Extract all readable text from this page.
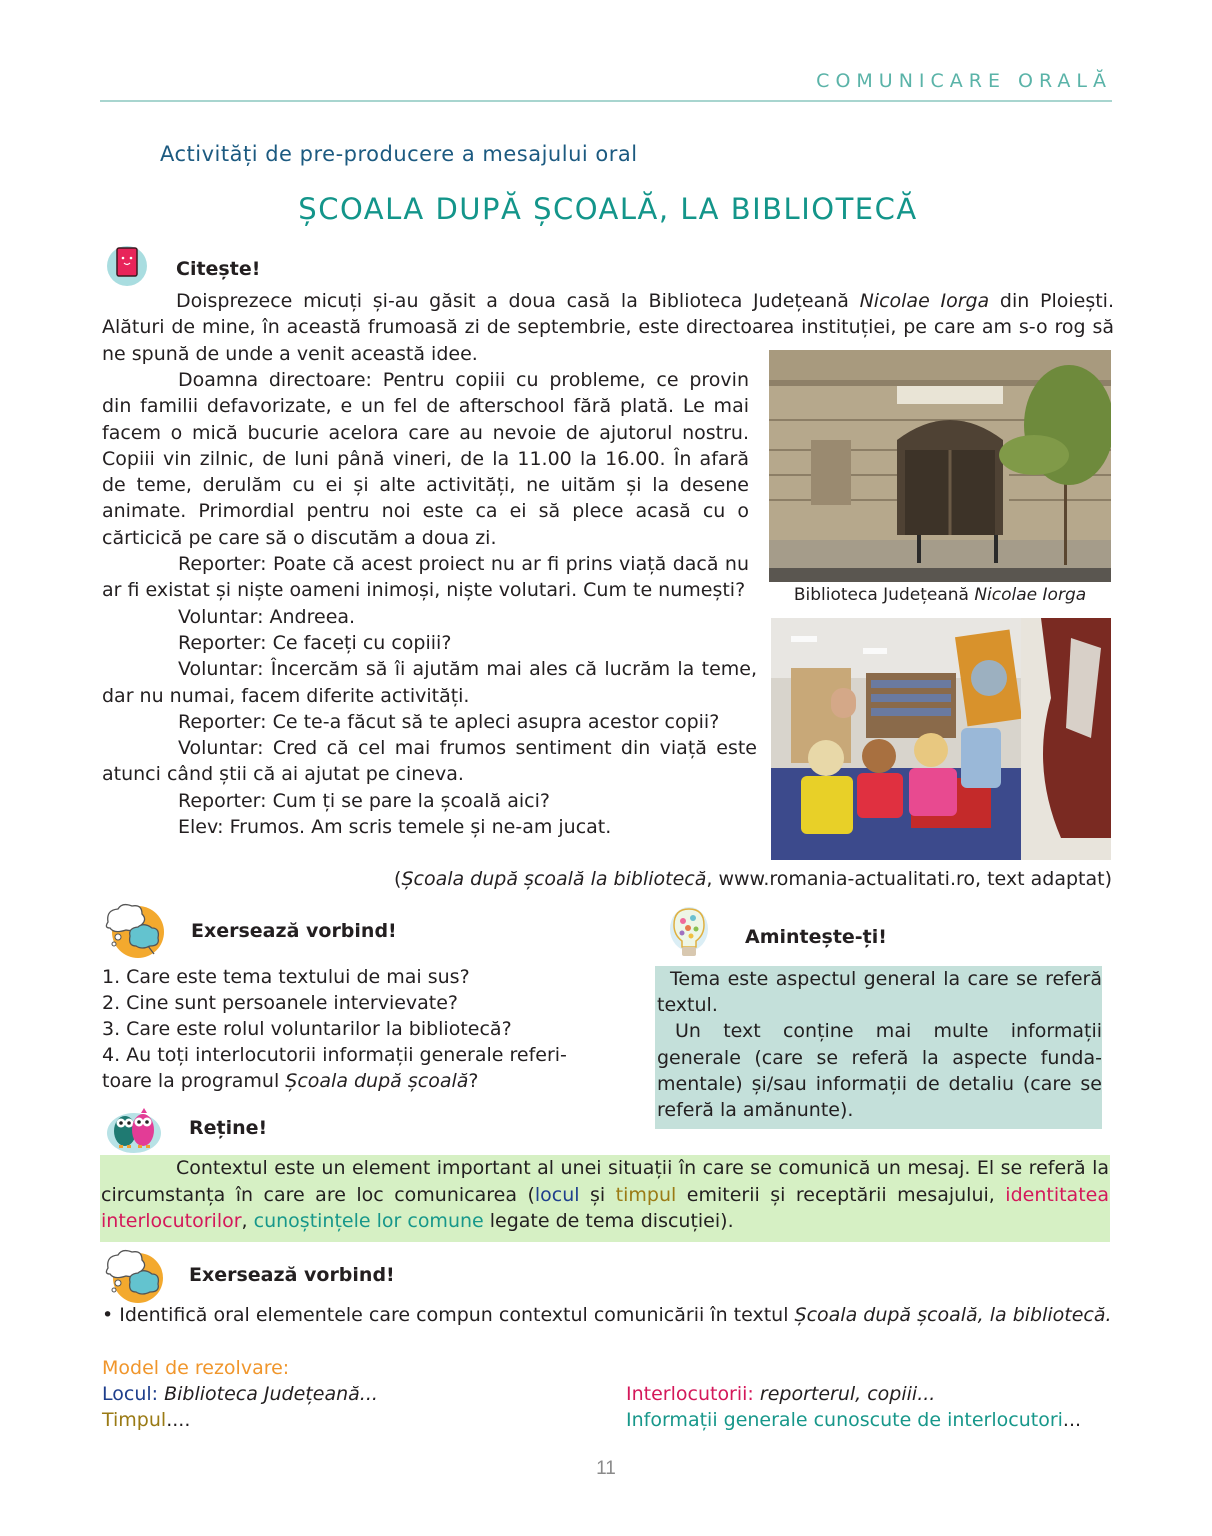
COMUNICARE ORALĂ
Activități de pre-producere a mesajului oral
ȘCOALA DUPĂ ȘCOALĂ, LA BIBLIOTECĂ
Citește!
Doisprezece micuți și-au găsit a doua casă la Biblioteca Județeană Nicolae Iorga din Ploiești. Alături de mine, în această frumoasă zi de septembrie, este directoarea instituției, pe care am s-o rog să ne spună de unde a venit această idee.

Doamna directoare: Pentru copiii cu probleme, ce provin din familii defavorizate, e un fel de afterschool fără plată. Le mai facem o mică bucurie acelora care au nevoie de ajutorul nostru. Copiii vin zilnic, de luni până vineri, de la 11.00 la 16.00. În afară de teme, derulăm cu ei și alte activități, ne uităm și la desene animate. Primordial pentru noi este ca ei să plece acasă cu o cărticică pe care să o discutăm a doua zi.

Reporter: Poate că acest proiect nu ar fi prins viață dacă nu ar fi existat și niște oameni inimoși, niște volutari. Cum te numești?

Voluntar: Andreea.

Reporter: Ce faceți cu copiii?

Voluntar: Încercăm să îi ajutăm mai ales că lucrăm la teme, dar nu numai, facem diferite activități.

Reporter: Ce te-a făcut să te apleci asupra acestor copii?

Voluntar: Cred că cel mai frumos sentiment din viață este atunci când știi că ai ajutat pe cineva.

Reporter: Cum ți se pare la școală aici?

Elev: Frumos. Am scris temele și ne-am jucat.

Biblioteca Județeană Nicolae Iorga
(Școala după școală la bibliotecă, www.romania-actualitati.ro, text adaptat)
Exersează vorbind!

1. Care este tema textului de mai sus?

2. Cine sunt persoanele intervievate?

3. Care este rolul voluntarilor la bibliotecă?

4. Au toți interlocutorii informații generale referi-toare la programul Școala după școală?

Amintește-ți!

Tema este aspectul general la care se referă textul.

Un text conține mai multe informații generale (care se referă la aspecte funda-mentale) și/sau informații de detaliu (care se referă la amănunte).

Reține!

Contextul este un element important al unei situații în care se comunică un mesaj. El se referă la circumstanța în care are loc comunicarea (locul și timpul emiterii și receptării mesajului, identitatea interlocutorilor, cunoștințele lor comune legate de tema discuției).

Exersează vorbind!

• Identifică oral elementele care compun contextul comunicării în textul Școala după școală, la bibliotecă.

Model de rezolvare:
Locul: Biblioteca Județeană...
Timpul....
Interlocutorii: reporterul, copiii...
Informații generale cunoscute de interlocutori...
11
